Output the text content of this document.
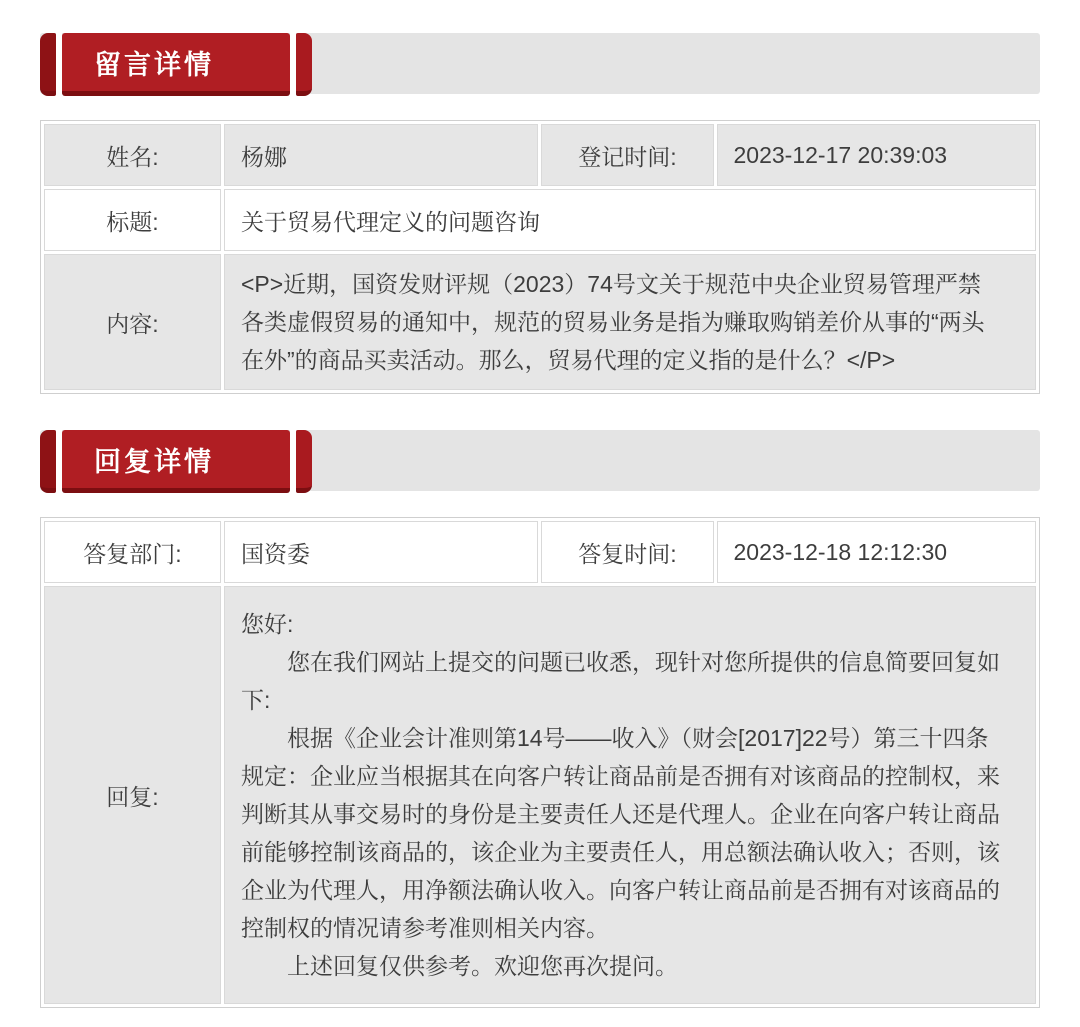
留言详情
姓名:	杨娜	登记时间:	2023-12-17 20:39:03
标题:	关于贸易代理定义的问题咨询		
内容:	<P>近期，国资发财评规（2023）74号文关于规范中央企业贸易管理严禁各类虚假贸易的通知中，规范的贸易业务是指为赚取购销差价从事的“两头在外”的商品买卖活动。那么，贸易代理的定义指的是什么？</P>		
回复详情
答复部门:	国资委	答复时间:	2023-12-18 12:12:30
回复:	您好:

您在我们网站上提交的问题已收悉，现针对您所提供的信息简要回复如下:

根据《企业会计准则第14号——收入》（财会[2017]22号）第三十四条规定：企业应当根据其在向客户转让商品前是否拥有对该商品的控制权，来判断其从事交易时的身份是主要责任人还是代理人。企业在向客户转让商品前能够控制该商品的，该企业为主要责任人，用总额法确认收入；否则，该企业为代理人，用净额法确认收入。向客户转让商品前是否拥有对该商品的控制权的情况请参考准则相关内容。

上述回复仅供参考。欢迎您再次提问。		
